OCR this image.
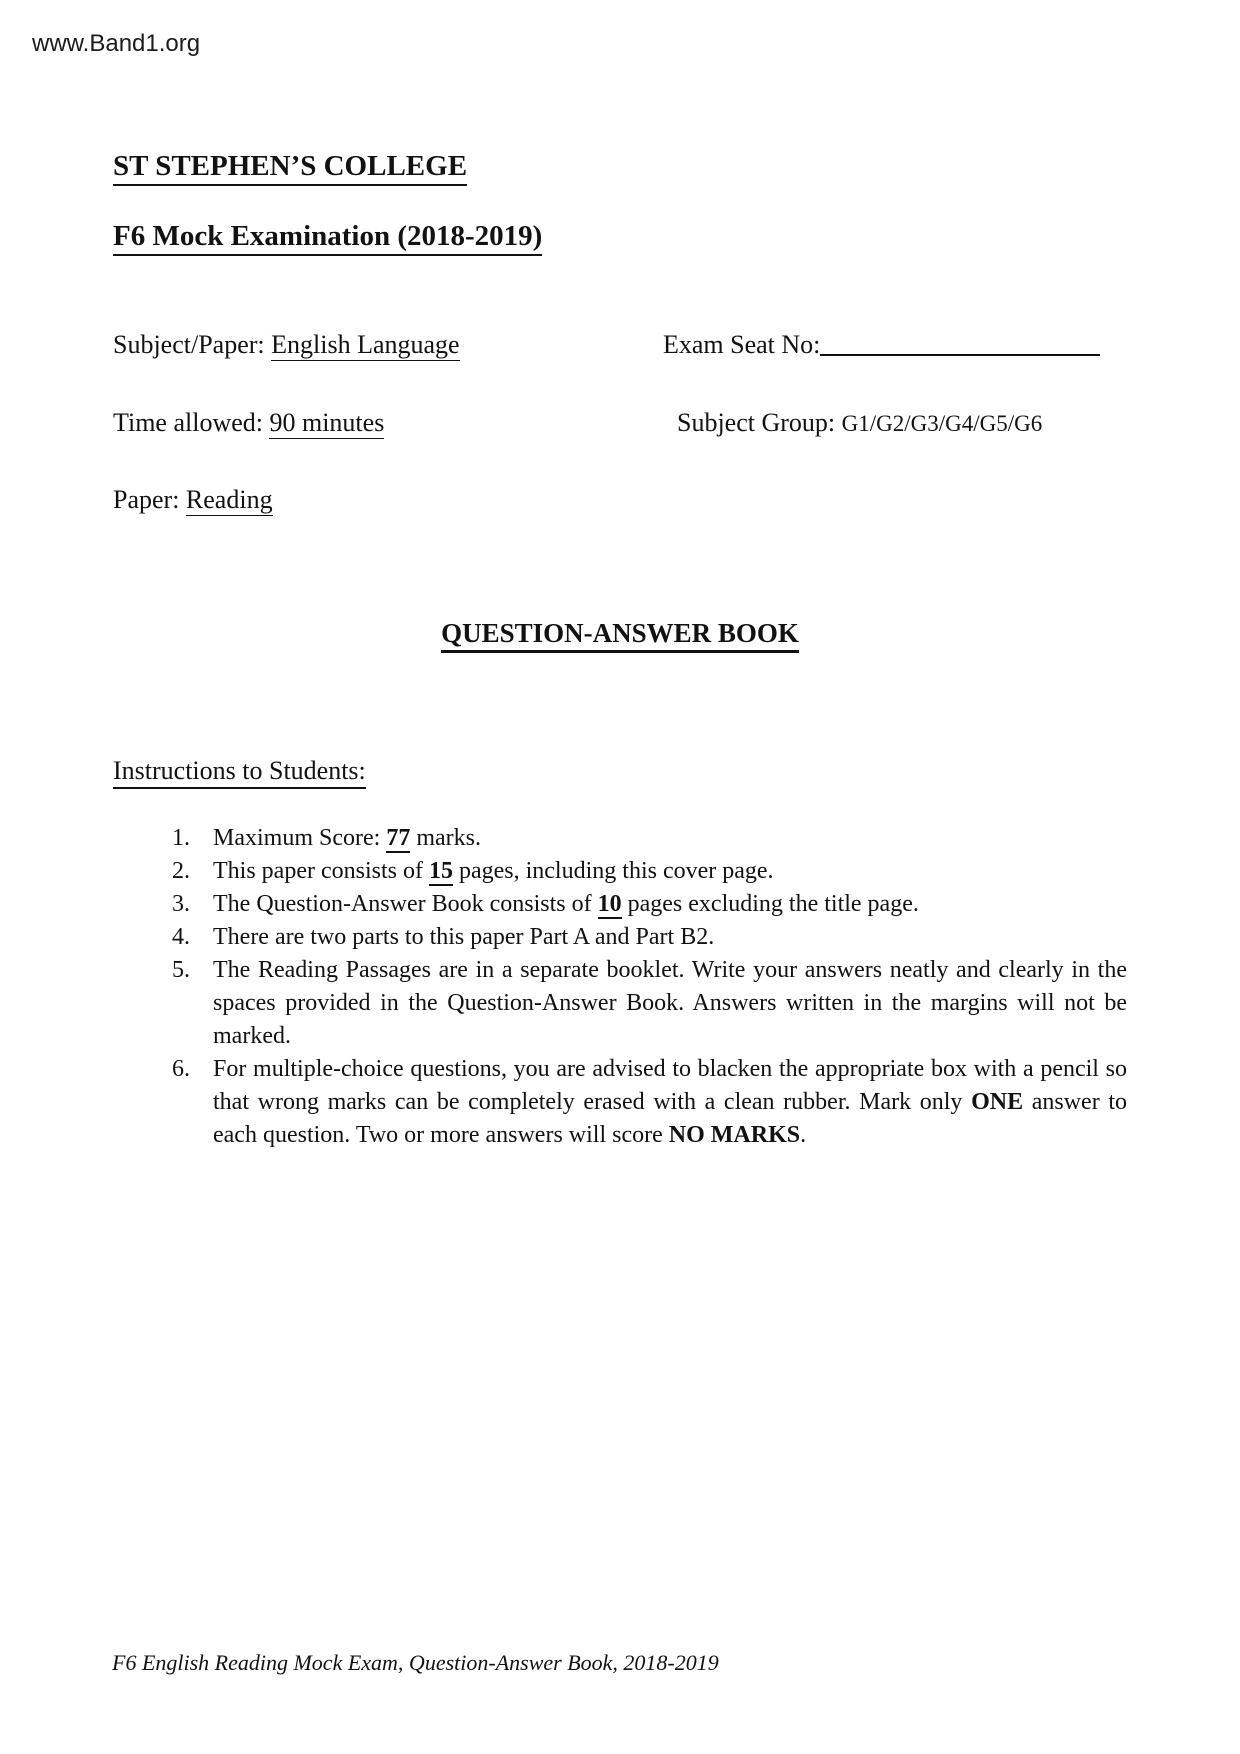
www.Band1.org
ST STEPHEN’S COLLEGE
F6 Mock Examination (2018-2019)
Subject/Paper: English Language	Exam Seat No:
Time allowed: 90 minutes	Subject Group: G1/G2/G3/G4/G5/G6
Paper: Reading
QUESTION-ANSWER BOOK
Instructions to Students:
1. Maximum Score: 77 marks.
2. This paper consists of 15 pages, including this cover page.
3. The Question-Answer Book consists of 10 pages excluding the title page.
4. There are two parts to this paper Part A and Part B2.
5. The Reading Passages are in a separate booklet. Write your answers neatly and clearly in the spaces provided in the Question-Answer Book. Answers written in the margins will not be marked.
6. For multiple-choice questions, you are advised to blacken the appropriate box with a pencil so that wrong marks can be completely erased with a clean rubber. Mark only ONE answer to each question. Two or more answers will score NO MARKS.
F6 English Reading Mock Exam, Question-Answer Book, 2018-2019
